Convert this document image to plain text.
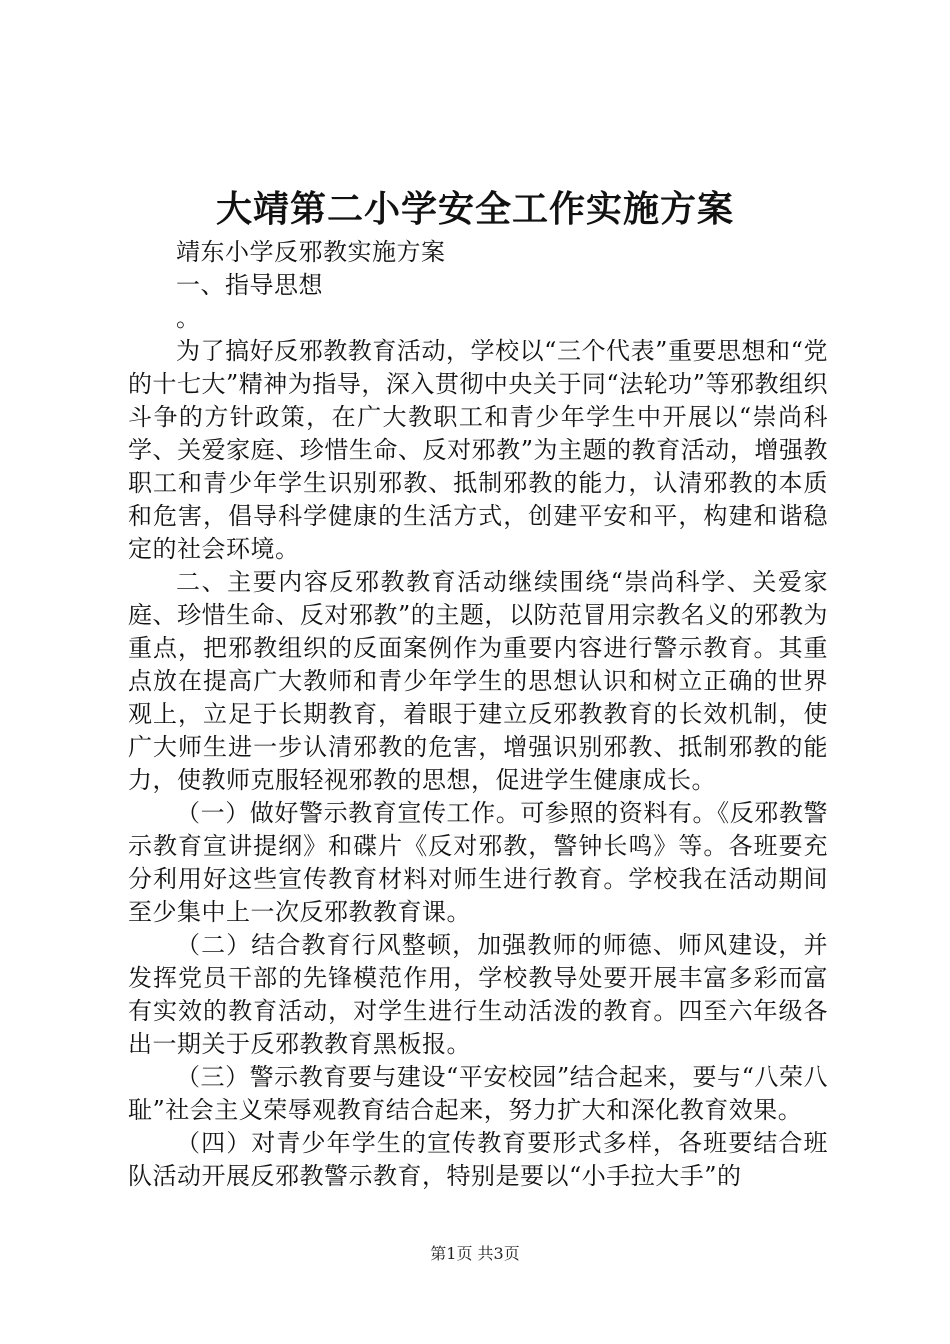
大靖第二小学安全工作实施方案

靖东小学反邪教实施方案

一、指导思想

。

为了搞好反邪教教育活动，学校以“三个代表”重要思想和“党的十七大”精神为指导，深入贯彻中央关于同“法轮功”等邪教组织斗争的方针政策，在广大教职工和青少年学生中开展以“崇尚科学、关爱家庭、珍惜生命、反对邪教”为主题的教育活动，增强教职工和青少年学生识别邪教、抵制邪教的能力，认清邪教的本质和危害，倡导科学健康的生活方式，创建平安和平，构建和谐稳定的社会环境。

二、主要内容反邪教教育活动继续围绕“崇尚科学、关爱家庭、珍惜生命、反对邪教”的主题，以防范冒用宗教名义的邪教为重点，把邪教组织的反面案例作为重要内容进行警示教育。其重点放在提高广大教师和青少年学生的思想认识和树立正确的世界观上，立足于长期教育，着眼于建立反邪教教育的长效机制，使广大师生进一步认清邪教的危害，增强识别邪教、抵制邪教的能力，使教师克服轻视邪教的思想，促进学生健康成长。

（一）做好警示教育宣传工作。可参照的资料有。《反邪教警示教育宣讲提纲》和碟片《反对邪教，警钟长鸣》等。各班要充分利用好这些宣传教育材料对师生进行教育。学校我在活动期间至少集中上一次反邪教教育课。

（二）结合教育行风整顿，加强教师的师德、师风建设，并发挥党员干部的先锋模范作用，学校教导处要开展丰富多彩而富有实效的教育活动，对学生进行生动活泼的教育。四至六年级各出一期关于反邪教教育黑板报。

（三）警示教育要与建设“平安校园”结合起来，要与“八荣八耻”社会主义荣辱观教育结合起来，努力扩大和深化教育效果。

（四）对青少年学生的宣传教育要形式多样，各班要结合班队活动开展反邪教警示教育，特别是要以“小手拉大手”的

第1页 共3页
